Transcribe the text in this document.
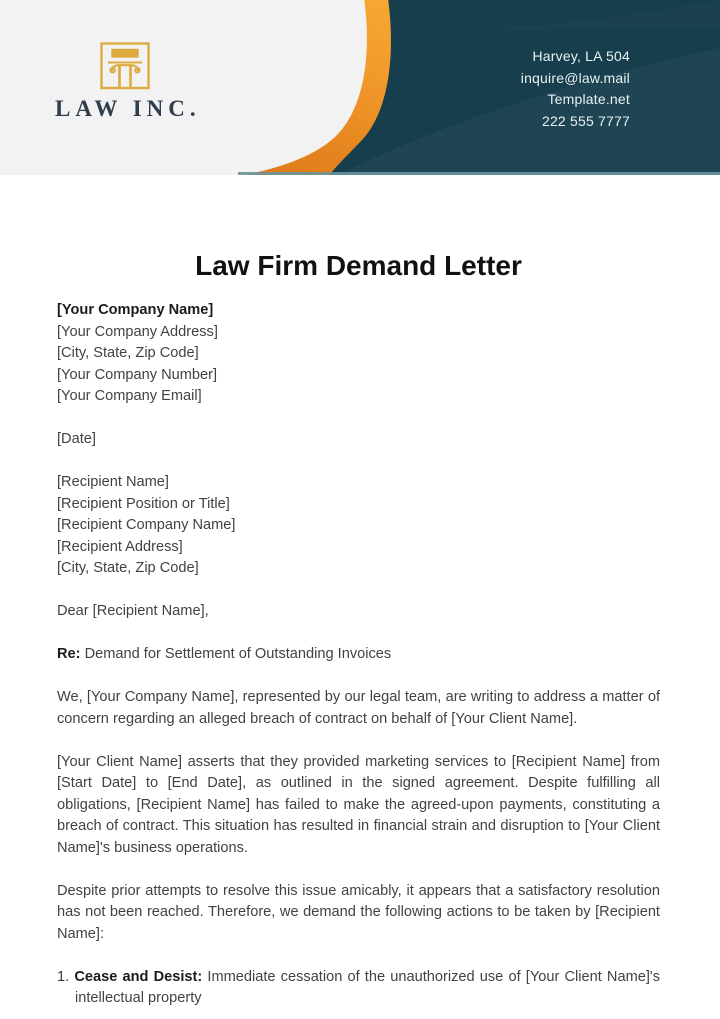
LAW INC.
Harvey, LA 504
inquire@law.mail
Template.net
222 555 7777
Law Firm Demand Letter
[Your Company Name]
[Your Company Address]
[City, State, Zip Code]
[Your Company Number]
[Your Company Email]
[Date]
[Recipient Name]
[Recipient Position or Title]
[Recipient Company Name]
[Recipient Address]
[City, State, Zip Code]
Dear [Recipient Name],
Re: Demand for Settlement of Outstanding Invoices

We, [Your Company Name], represented by our legal team, are writing to address a matter of concern regarding an alleged breach of contract on behalf of [Your Client Name].

[Your Client Name] asserts that they provided marketing services to [Recipient Name] from [Start Date] to [End Date], as outlined in the signed agreement. Despite fulfilling all obligations, [Recipient Name] has failed to make the agreed-upon payments, constituting a breach of contract. This situation has resulted in financial strain and disruption to [Your Client Name]'s business operations.

Despite prior attempts to resolve this issue amicably, it appears that a satisfactory resolution has not been reached. Therefore, we demand the following actions to be taken by [Recipient Name]:

1. Cease and Desist: Immediate cessation of the unauthorized use of [Your Client Name]'s intellectual property
